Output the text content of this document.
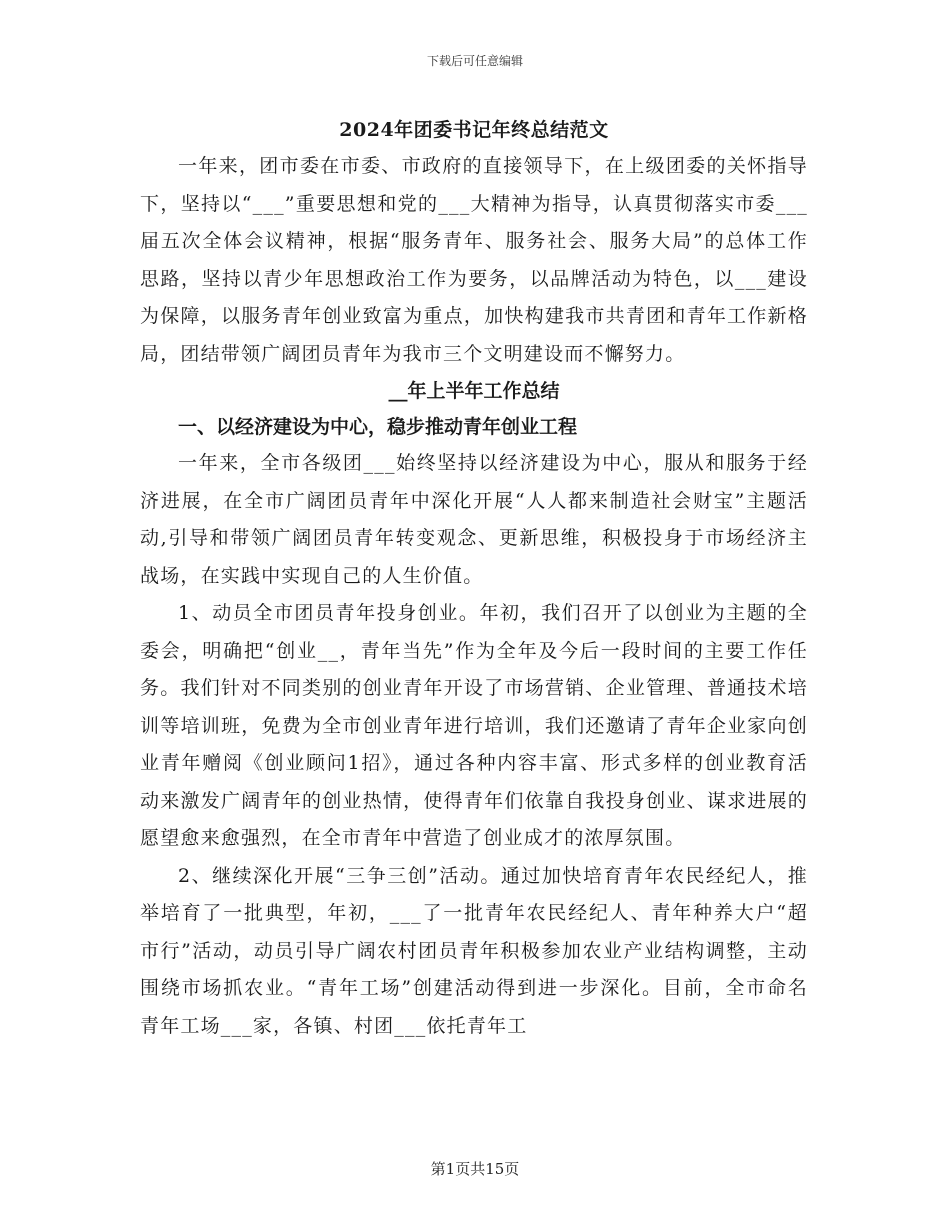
下载后可任意编辑
2024年团委书记年终总结范文

一年来，团市委在市委、市政府的直接领导下，在上级团委的关怀指导下，坚持以“___”重要思想和党的___大精神为指导，认真贯彻落实市委___届五次全体会议精神，根据“服务青年、服务社会、服务大局”的总体工作思路，坚持以青少年思想政治工作为要务，以品牌活动为特色，以___建设为保障，以服务青年创业致富为重点，加快构建我市共青团和青年工作新格局，团结带领广阔团员青年为我市三个文明建设而不懈努力。

__年上半年工作总结
一、以经济建设为中心，稳步推动青年创业工程

一年来，全市各级团___始终坚持以经济建设为中心，服从和服务于经济进展，在全市广阔团员青年中深化开展“人人都来制造社会财宝”主题活动,引导和带领广阔团员青年转变观念、更新思维，积极投身于市场经济主战场，在实践中实现自己的人生价值。

1、动员全市团员青年投身创业。年初，我们召开了以创业为主题的全委会，明确把“创业__，青年当先”作为全年及今后一段时间的主要工作任务。我们针对不同类别的创业青年开设了市场营销、企业管理、普通技术培训等培训班，免费为全市创业青年进行培训，我们还邀请了青年企业家向创业青年赠阅《创业顾问1招》，通过各种内容丰富、形式多样的创业教育活动来激发广阔青年的创业热情，使得青年们依靠自我投身创业、谋求进展的愿望愈来愈强烈，在全市青年中营造了创业成才的浓厚氛围。

2、继续深化开展“三争三创”活动。通过加快培育青年农民经纪人，推举培育了一批典型，年初，___了一批青年农民经纪人、青年种养大户“超市行”活动，动员引导广阔农村团员青年积极参加农业产业结构调整，主动围绕市场抓农业。“青年工场”创建活动得到进一步深化。目前，全市命名青年工场___家，各镇、村团___依托青年工

第1页共15页
